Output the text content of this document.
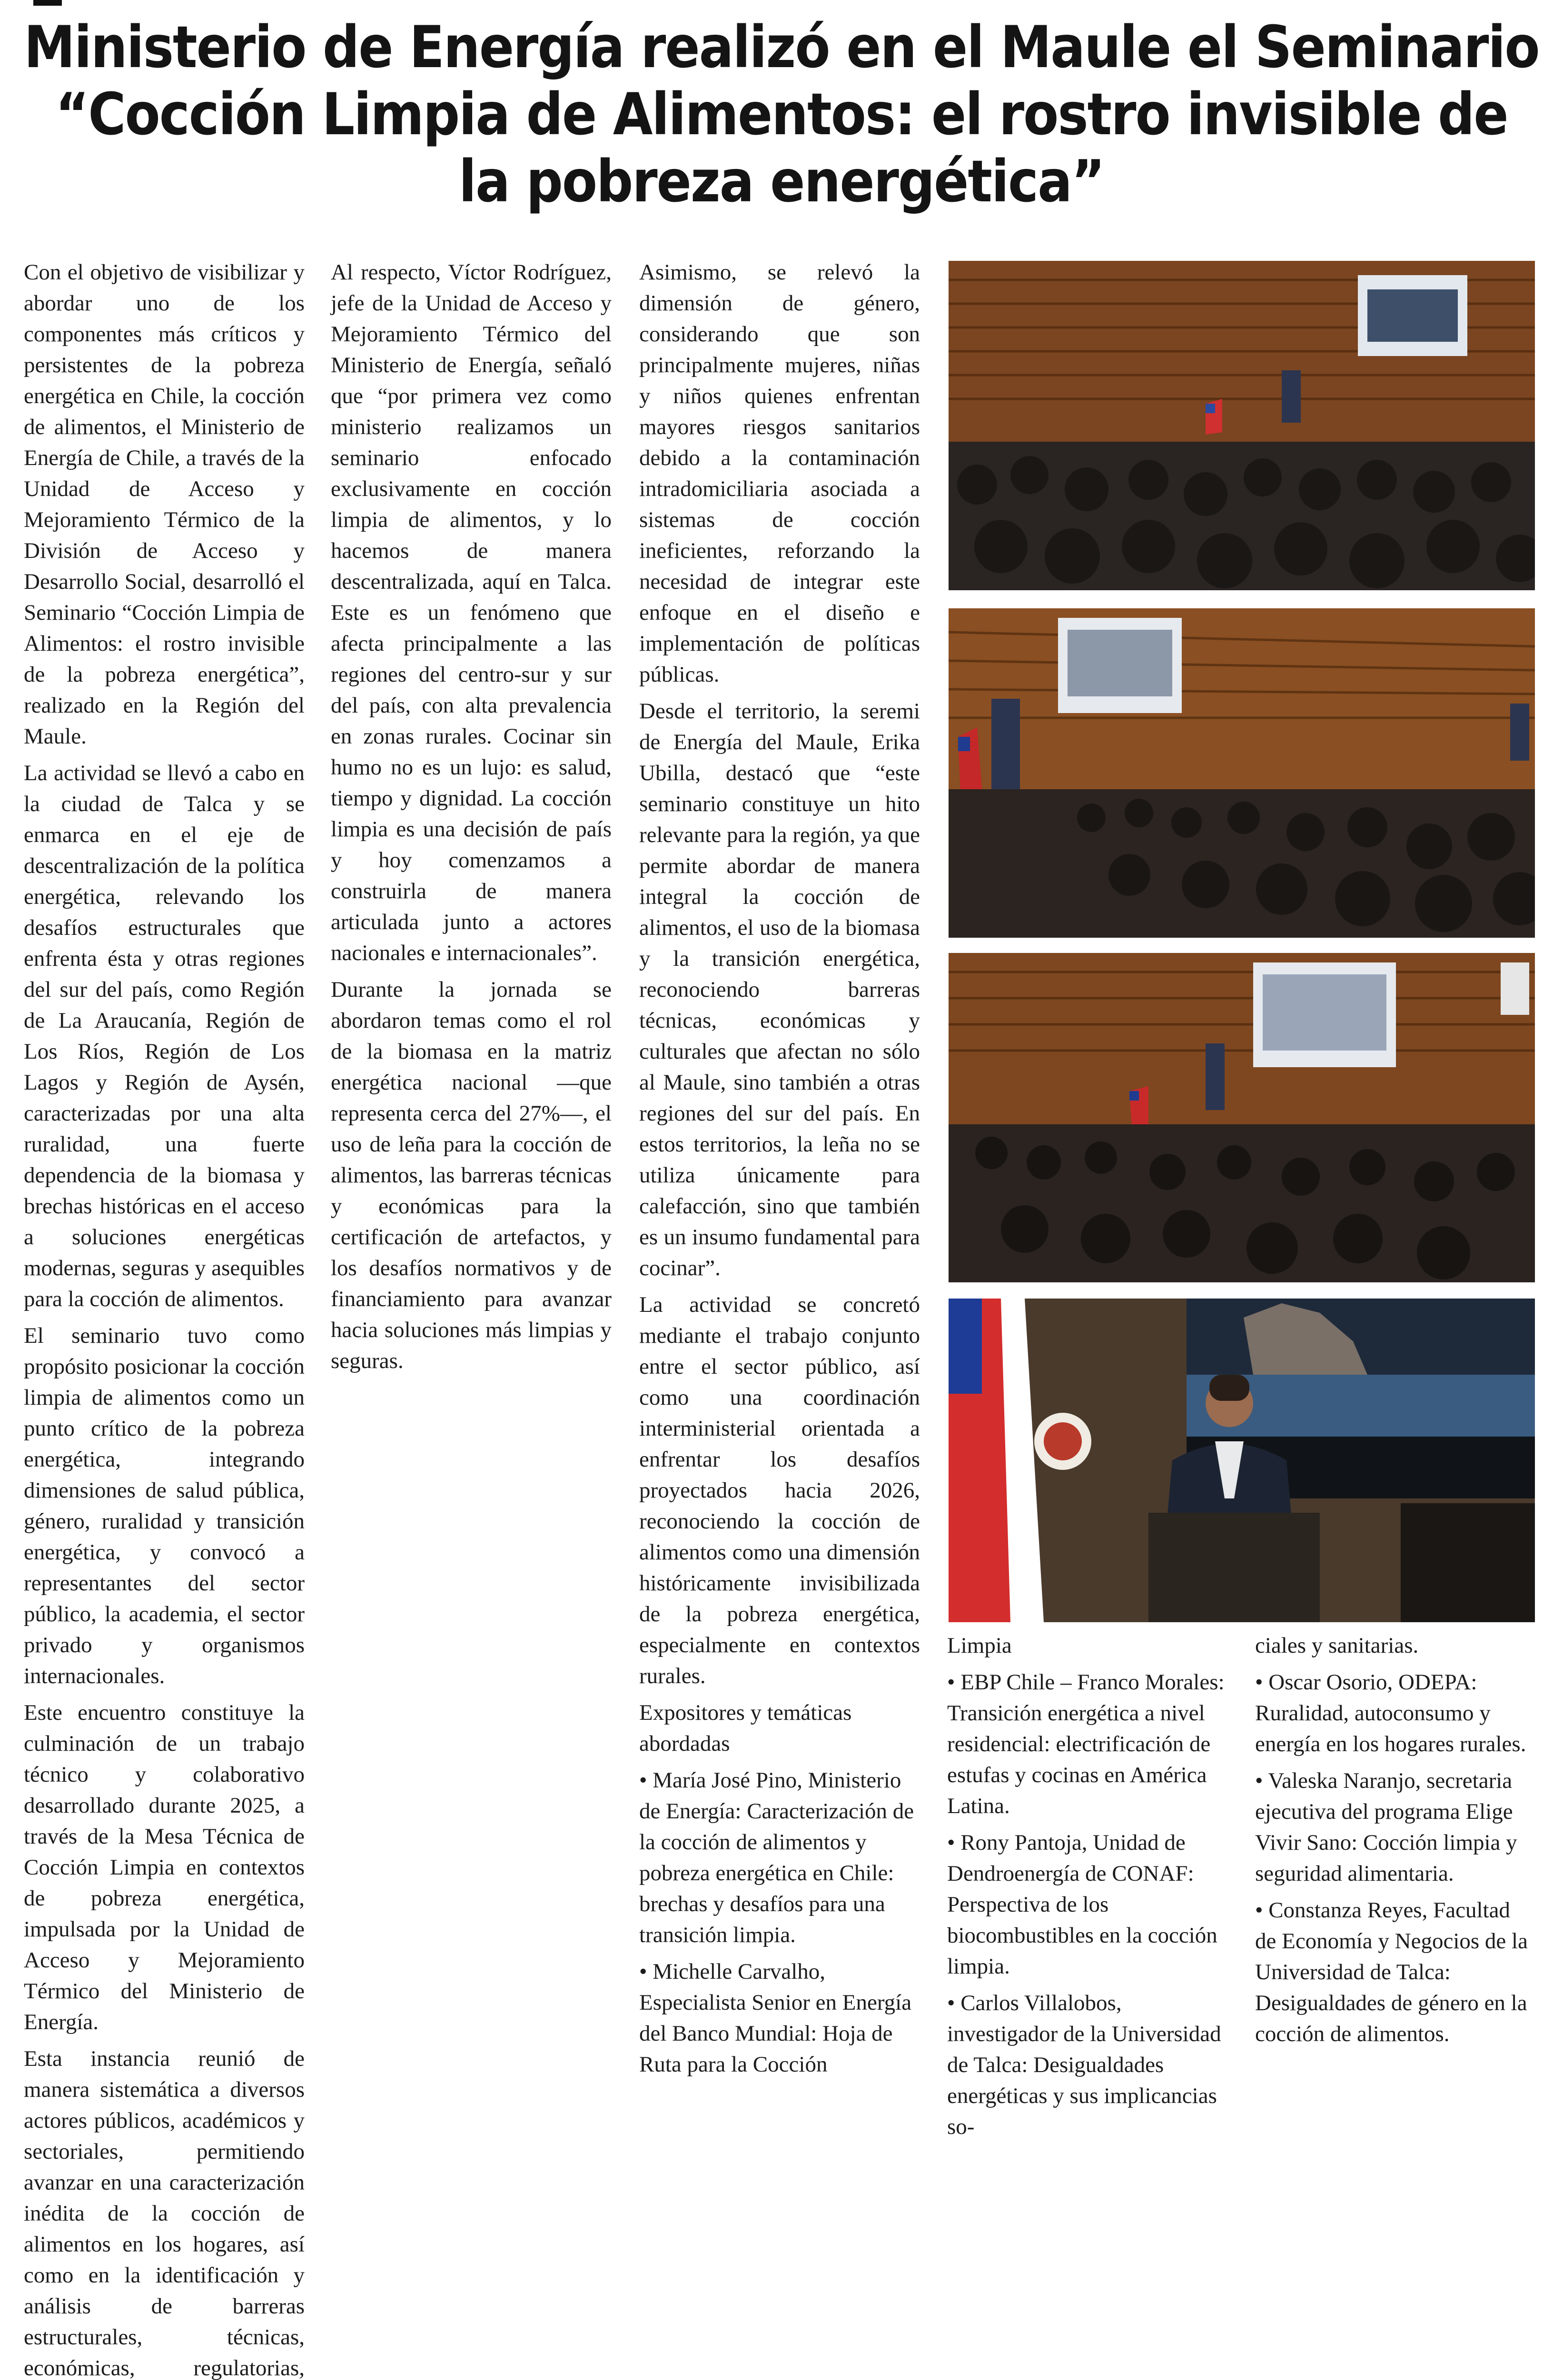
Ministerio de Energía realizó en el Maule el Seminario
“Cocción Limpia de Alimentos: el rostro invisible de
la pobreza energética”

Con el objetivo de visibilizar y abordar uno de los componentes más críticos y persistentes de la pobreza energética en Chile, la cocción de alimentos, el Ministerio de Energía de Chile, a través de la Unidad de Acceso y Mejoramiento Térmico de la División de Acceso y Desarrollo Social, desarrolló el Seminario “Cocción Limpia de Alimentos: el rostro invisible de la pobreza energética”, realizado en la Región del Maule.

La actividad se llevó a cabo en la ciudad de Talca y se enmarca en el eje de descentralización de la política energética, relevando los desafíos estructurales que enfrenta ésta y otras regiones del sur del país, como Región de La Araucanía, Región de Los Ríos, Región de Los Lagos y Región de Aysén, caracterizadas por una alta ruralidad, una fuerte dependencia de la biomasa y brechas históricas en el acceso a soluciones energéticas modernas, seguras y asequibles para la cocción de alimentos.

El seminario tuvo como propósito posicionar la cocción limpia de alimentos como un punto crítico de la pobreza energética, integrando dimensiones de salud pública, género, ruralidad y transición energética, y convocó a representantes del sector público, la academia, el sector privado y organismos internacionales.

Este encuentro constituye la culminación de un trabajo técnico y colaborativo desarrollado durante 2025, a través de la Mesa Técnica de Cocción Limpia en contextos de pobreza energética, impulsada por la Unidad de Acceso y Mejoramiento Térmico del Ministerio de Energía.

Esta instancia reunió de manera sistemática a diversos actores públicos, académicos y sectoriales, permitiendo avanzar en una caracterización inédita de la cocción de alimentos en los hogares, así como en la identificación y análisis de barreras estructurales, técnicas, económicas, regulatorias,

Al respecto, Víctor Rodríguez, jefe de la Unidad de Acceso y Mejoramiento Térmico del Ministerio de Energía, señaló que “por primera vez como ministerio realizamos un seminario enfocado exclusivamente en cocción limpia de alimentos, y lo hacemos de manera descentralizada, aquí en Talca. Este es un fenómeno que afecta principalmente a las regiones del centro-sur y sur del país, con alta prevalencia en zonas rurales. Cocinar sin humo no es un lujo: es salud, tiempo y dignidad. La cocción limpia es una decisión de país y hoy comenzamos a construirla de manera articulada junto a actores nacionales e internacionales”.

Durante la jornada se abordaron temas como el rol de la biomasa en la matriz energética nacional —que representa cerca del 27%—, el uso de leña para la cocción de alimentos, las barreras técnicas y económicas para la certificación de artefactos, y los desafíos normativos y de financiamiento para avanzar hacia soluciones más limpias y seguras.

Asimismo, se relevó la dimensión de género, considerando que son principalmente mujeres, niñas y niños quienes enfrentan mayores riesgos sanitarios debido a la contaminación intradomiciliaria asociada a sistemas de cocción ineficientes, reforzando la necesidad de integrar este enfoque en el diseño e implementación de políticas públicas.

Desde el territorio, la seremi de Energía del Maule, Erika Ubilla, destacó que “este seminario constituye un hito relevante para la región, ya que permite abordar de manera integral la cocción de alimentos, el uso de la biomasa y la transición energética, reconociendo barreras técnicas, económicas y culturales que afectan no sólo al Maule, sino también a otras regiones del sur del país. En estos territorios, la leña no se utiliza únicamente para calefacción, sino que también es un insumo fundamental para cocinar”.

La actividad se concretó mediante el trabajo conjunto entre el sector público, así como una coordinación interministerial orientada a enfrentar los desafíos proyectados hacia 2026, reconociendo la cocción de alimentos como una dimensión históricamente invisibilizada de la pobreza energética, especialmente en contextos rurales.

Expositores y temáticas abordadas

• María José Pino, Ministerio de Energía: Caracterización de la cocción de alimentos y pobreza energética en Chile: brechas y desafíos para una transición limpia.

• Michelle Carvalho, Especialista Senior en Energía del Banco Mundial: Hoja de Ruta para la Cocción

Limpia

• EBP Chile – Franco Morales: Transición energética a nivel residencial: electrificación de estufas y cocinas en América Latina.

• Rony Pantoja, Unidad de Dendroenergía de CONAF: Perspectiva de los biocombustibles en la cocción limpia.

• Carlos Villalobos, investigador de la Universidad de Talca: Desigualdades energéticas y sus implicancias so-

ciales y sanitarias.

• Oscar Osorio, ODEPA: Ruralidad, autoconsumo y energía en los hogares rurales.

• Valeska Naranjo, secretaria ejecutiva del programa Elige Vivir Sano: Cocción limpia y seguridad alimentaria.

• Constanza Reyes, Facultad de Economía y Negocios de la Universidad de Talca: Desigualdades de género en la cocción de alimentos.
